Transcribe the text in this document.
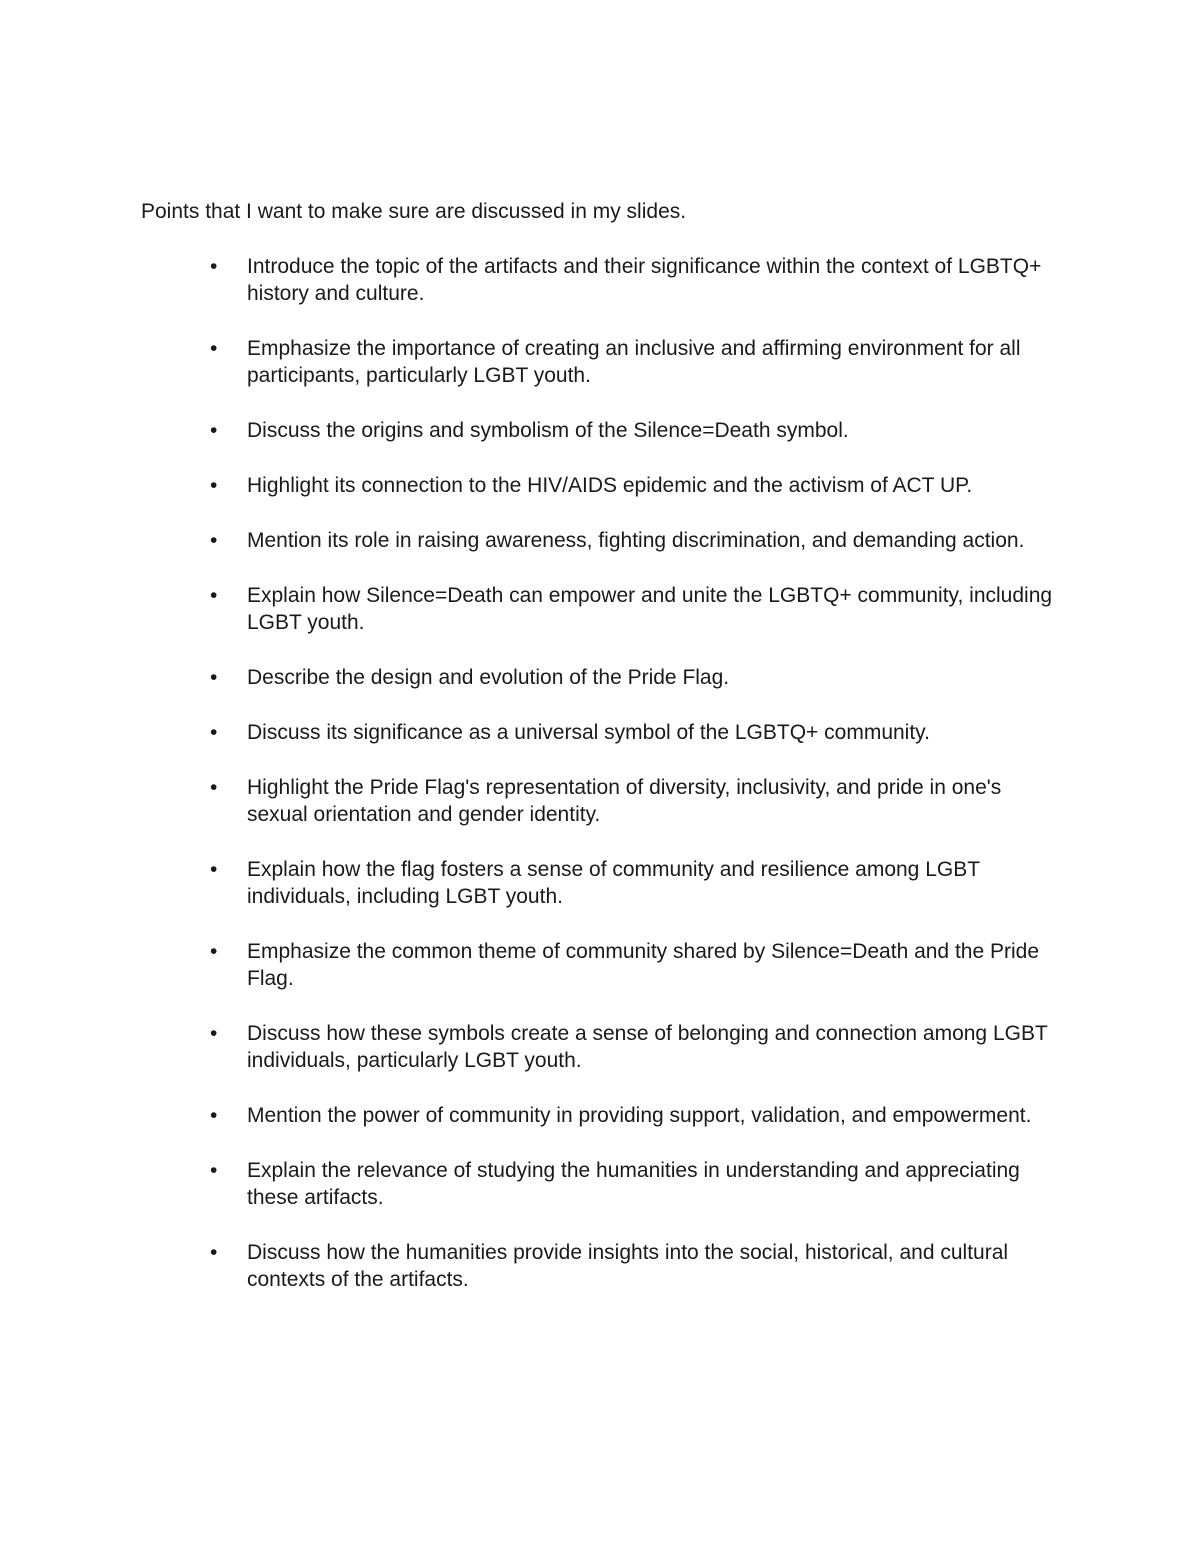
Points that I want to make sure are discussed in my slides.

• Introduce the topic of the artifacts and their significance within the context of LGBTQ+ history and culture.
• Emphasize the importance of creating an inclusive and affirming environment for all participants, particularly LGBT youth.
• Discuss the origins and symbolism of the Silence=Death symbol.
• Highlight its connection to the HIV/AIDS epidemic and the activism of ACT UP.
• Mention its role in raising awareness, fighting discrimination, and demanding action.
• Explain how Silence=Death can empower and unite the LGBTQ+ community, including LGBT youth.
• Describe the design and evolution of the Pride Flag.
• Discuss its significance as a universal symbol of the LGBTQ+ community.
• Highlight the Pride Flag's representation of diversity, inclusivity, and pride in one's sexual orientation and gender identity.
• Explain how the flag fosters a sense of community and resilience among LGBT individuals, including LGBT youth.
• Emphasize the common theme of community shared by Silence=Death and the Pride Flag.
• Discuss how these symbols create a sense of belonging and connection among LGBT individuals, particularly LGBT youth.
• Mention the power of community in providing support, validation, and empowerment.
• Explain the relevance of studying the humanities in understanding and appreciating these artifacts.
• Discuss how the humanities provide insights into the social, historical, and cultural contexts of the artifacts.
